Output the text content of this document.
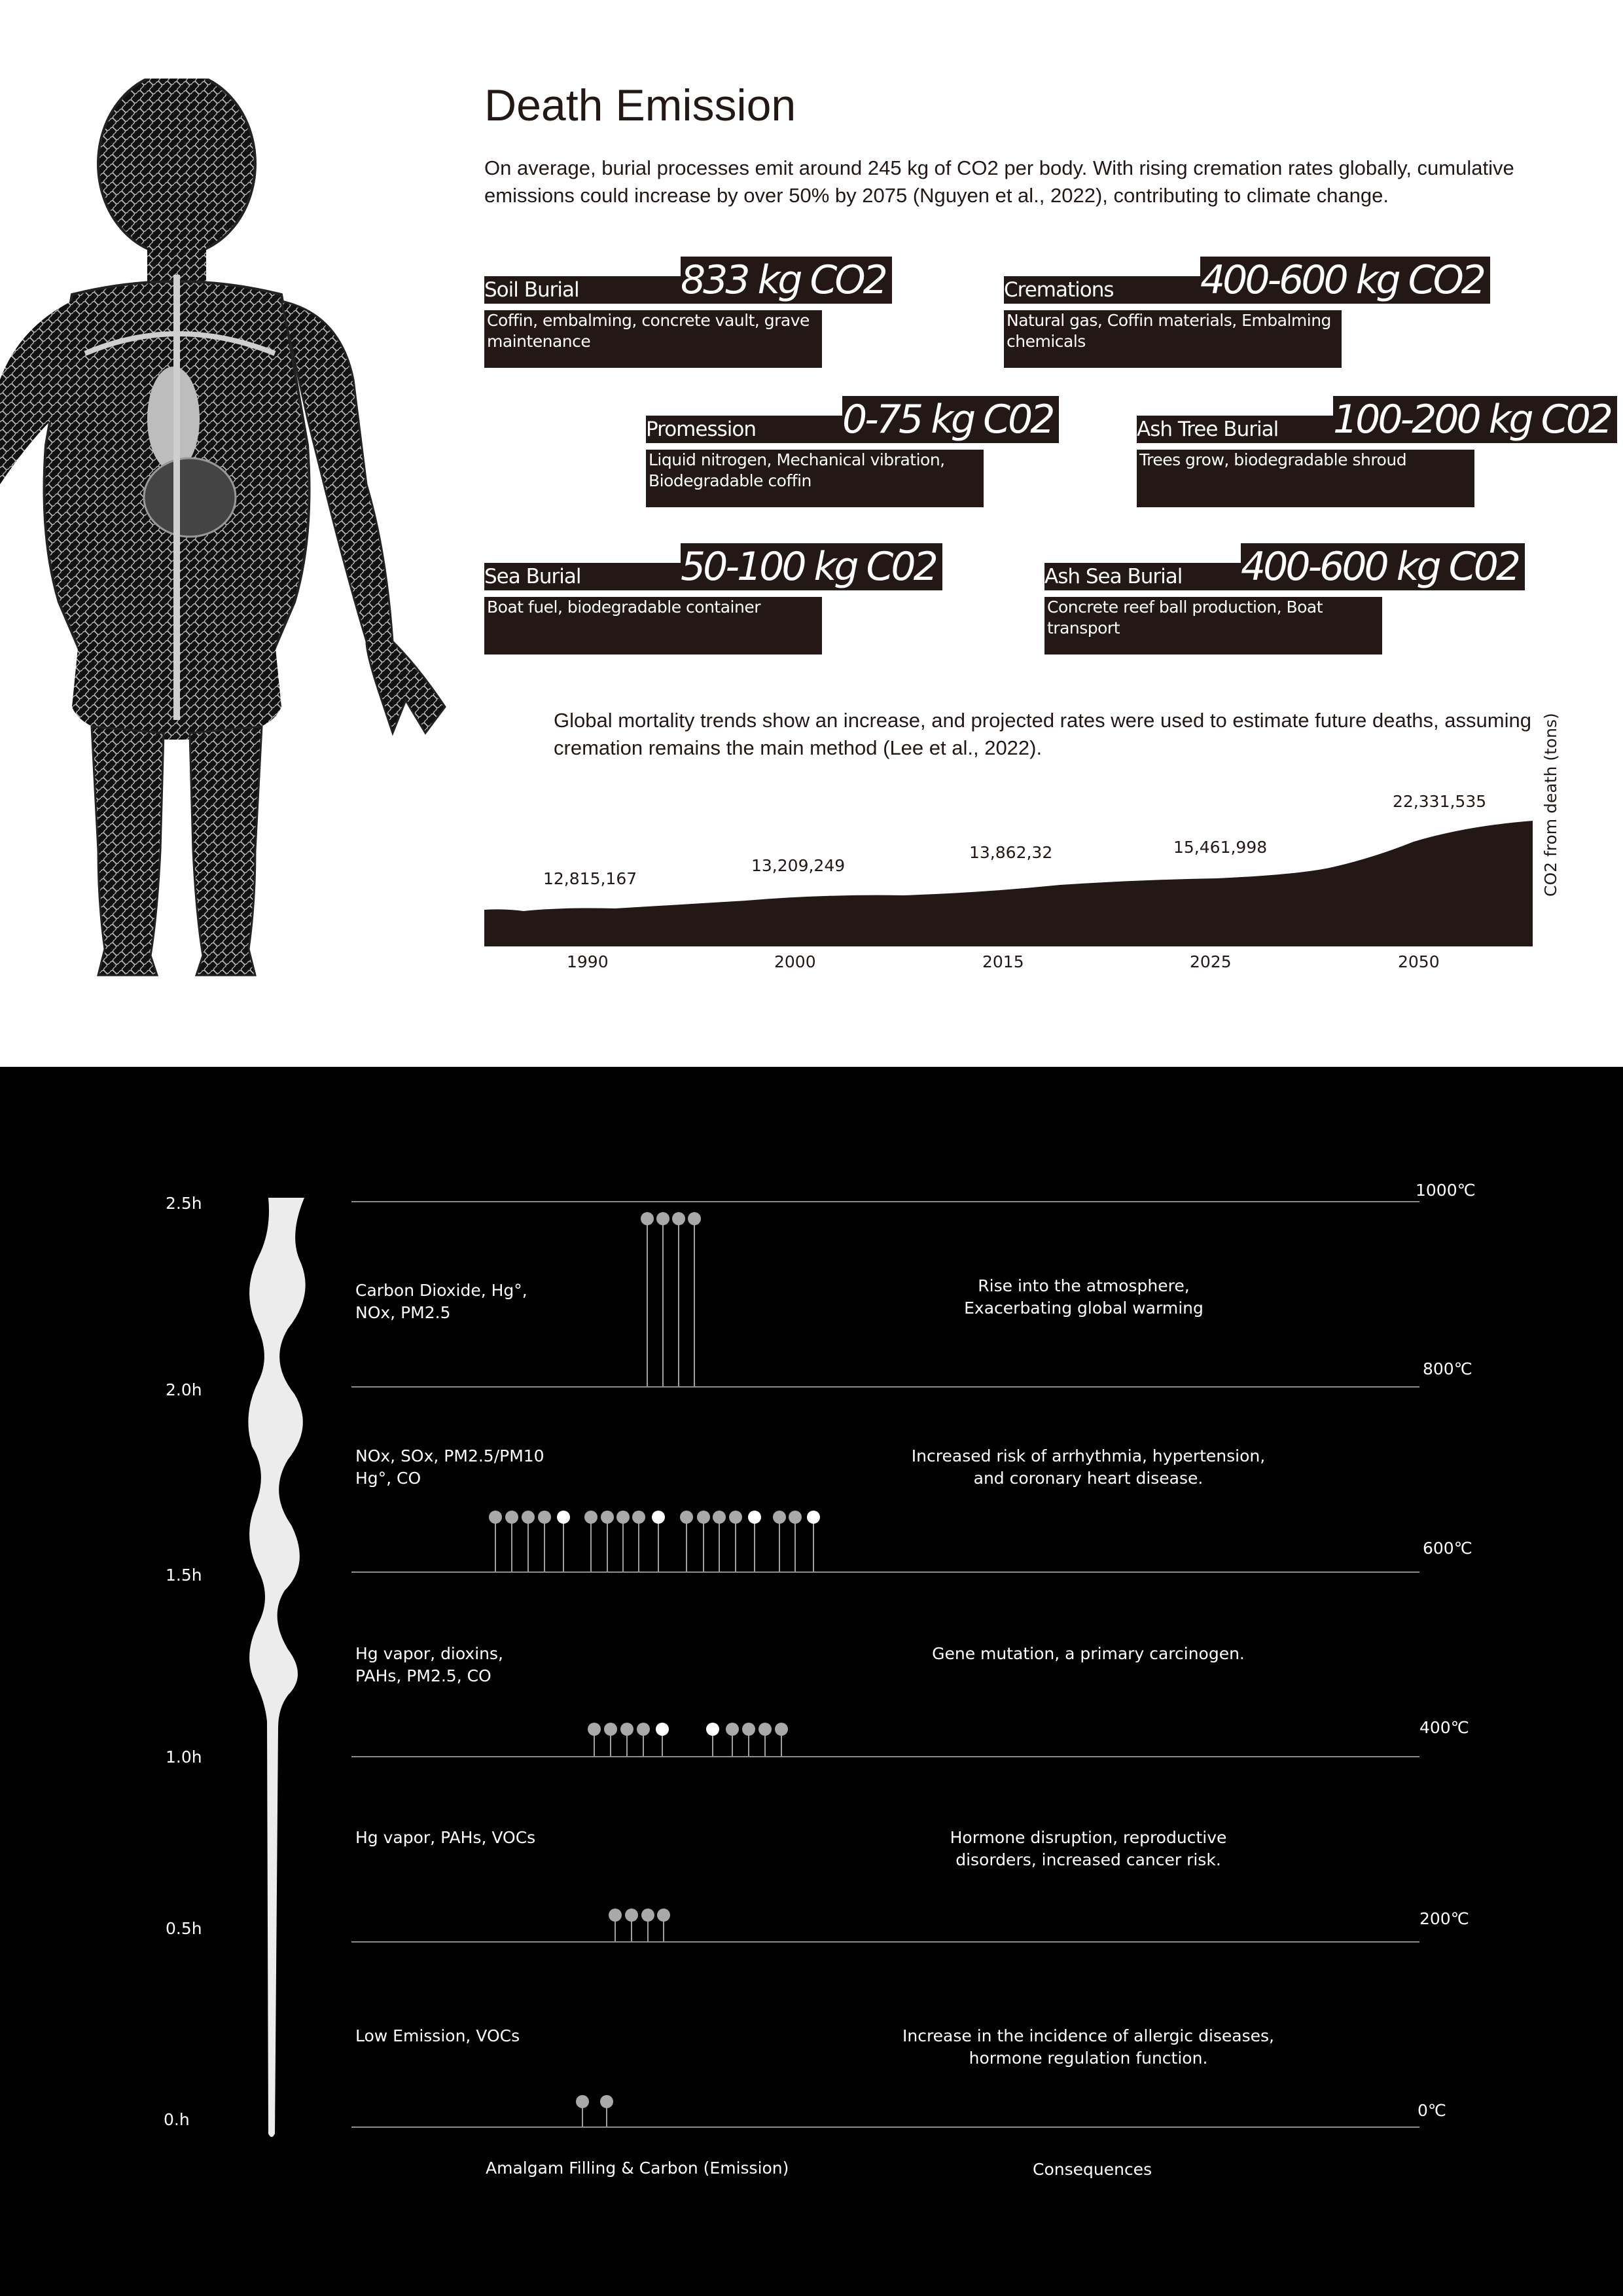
Death Emission
On average, burial processes emit around 245 kg of CO2 per body. With rising cremation rates globally, cumulative emissions could increase by over 50% by 2075 (Nguyen et al., 2022), contributing to climate change.
Soil Burial	833 kg CO2
Coffin, embalming, concrete vault, grave maintenance
Cremations	400-600 kg CO2
Natural gas, Coffin materials, Embalming chemicals
Promession	0-75 kg C02
Liquid nitrogen, Mechanical vibration, Biodegradable coffin
Ash Tree Burial	100-200 kg C02
Trees grow, biodegradable shroud
Sea Burial	50-100 kg C02
Boat fuel, biodegradable container
Ash Sea Burial	400-600 kg C02
Concrete reef ball production, Boat transport
Global mortality trends show an increase, and projected rates were used to estimate future deaths, assuming cremation remains the main method (Lee et al., 2022).
12,815,167
13,209,249
13,862,32	15,461,998
22,331,535
1990	2000	2015	2025	2050
CO2 from death (tons)
2.5h
2.0h
1.5h
1.0h
0.5h
0.h
1000℃
800℃
600℃
400℃
200℃
0℃
Carbon Dioxide, Hg°,
NOx, PM2.5
Rise into the atmosphere,
Exacerbating global warming
NOx, SOx, PM2.5/PM10
Hg°, CO
Increased risk of arrhythmia, hypertension,
and coronary heart disease.
Hg vapor, dioxins,
PAHs, PM2.5, CO
Gene mutation, a primary carcinogen.
Hg vapor, PAHs, VOCs	Hormone disruption, reproductive
disorders, increased cancer risk.
Low Emission, VOCs	Increase in the incidence of allergic diseases,
hormone regulation function.
Amalgam Filling & Carbon (Emission)	Consequences
